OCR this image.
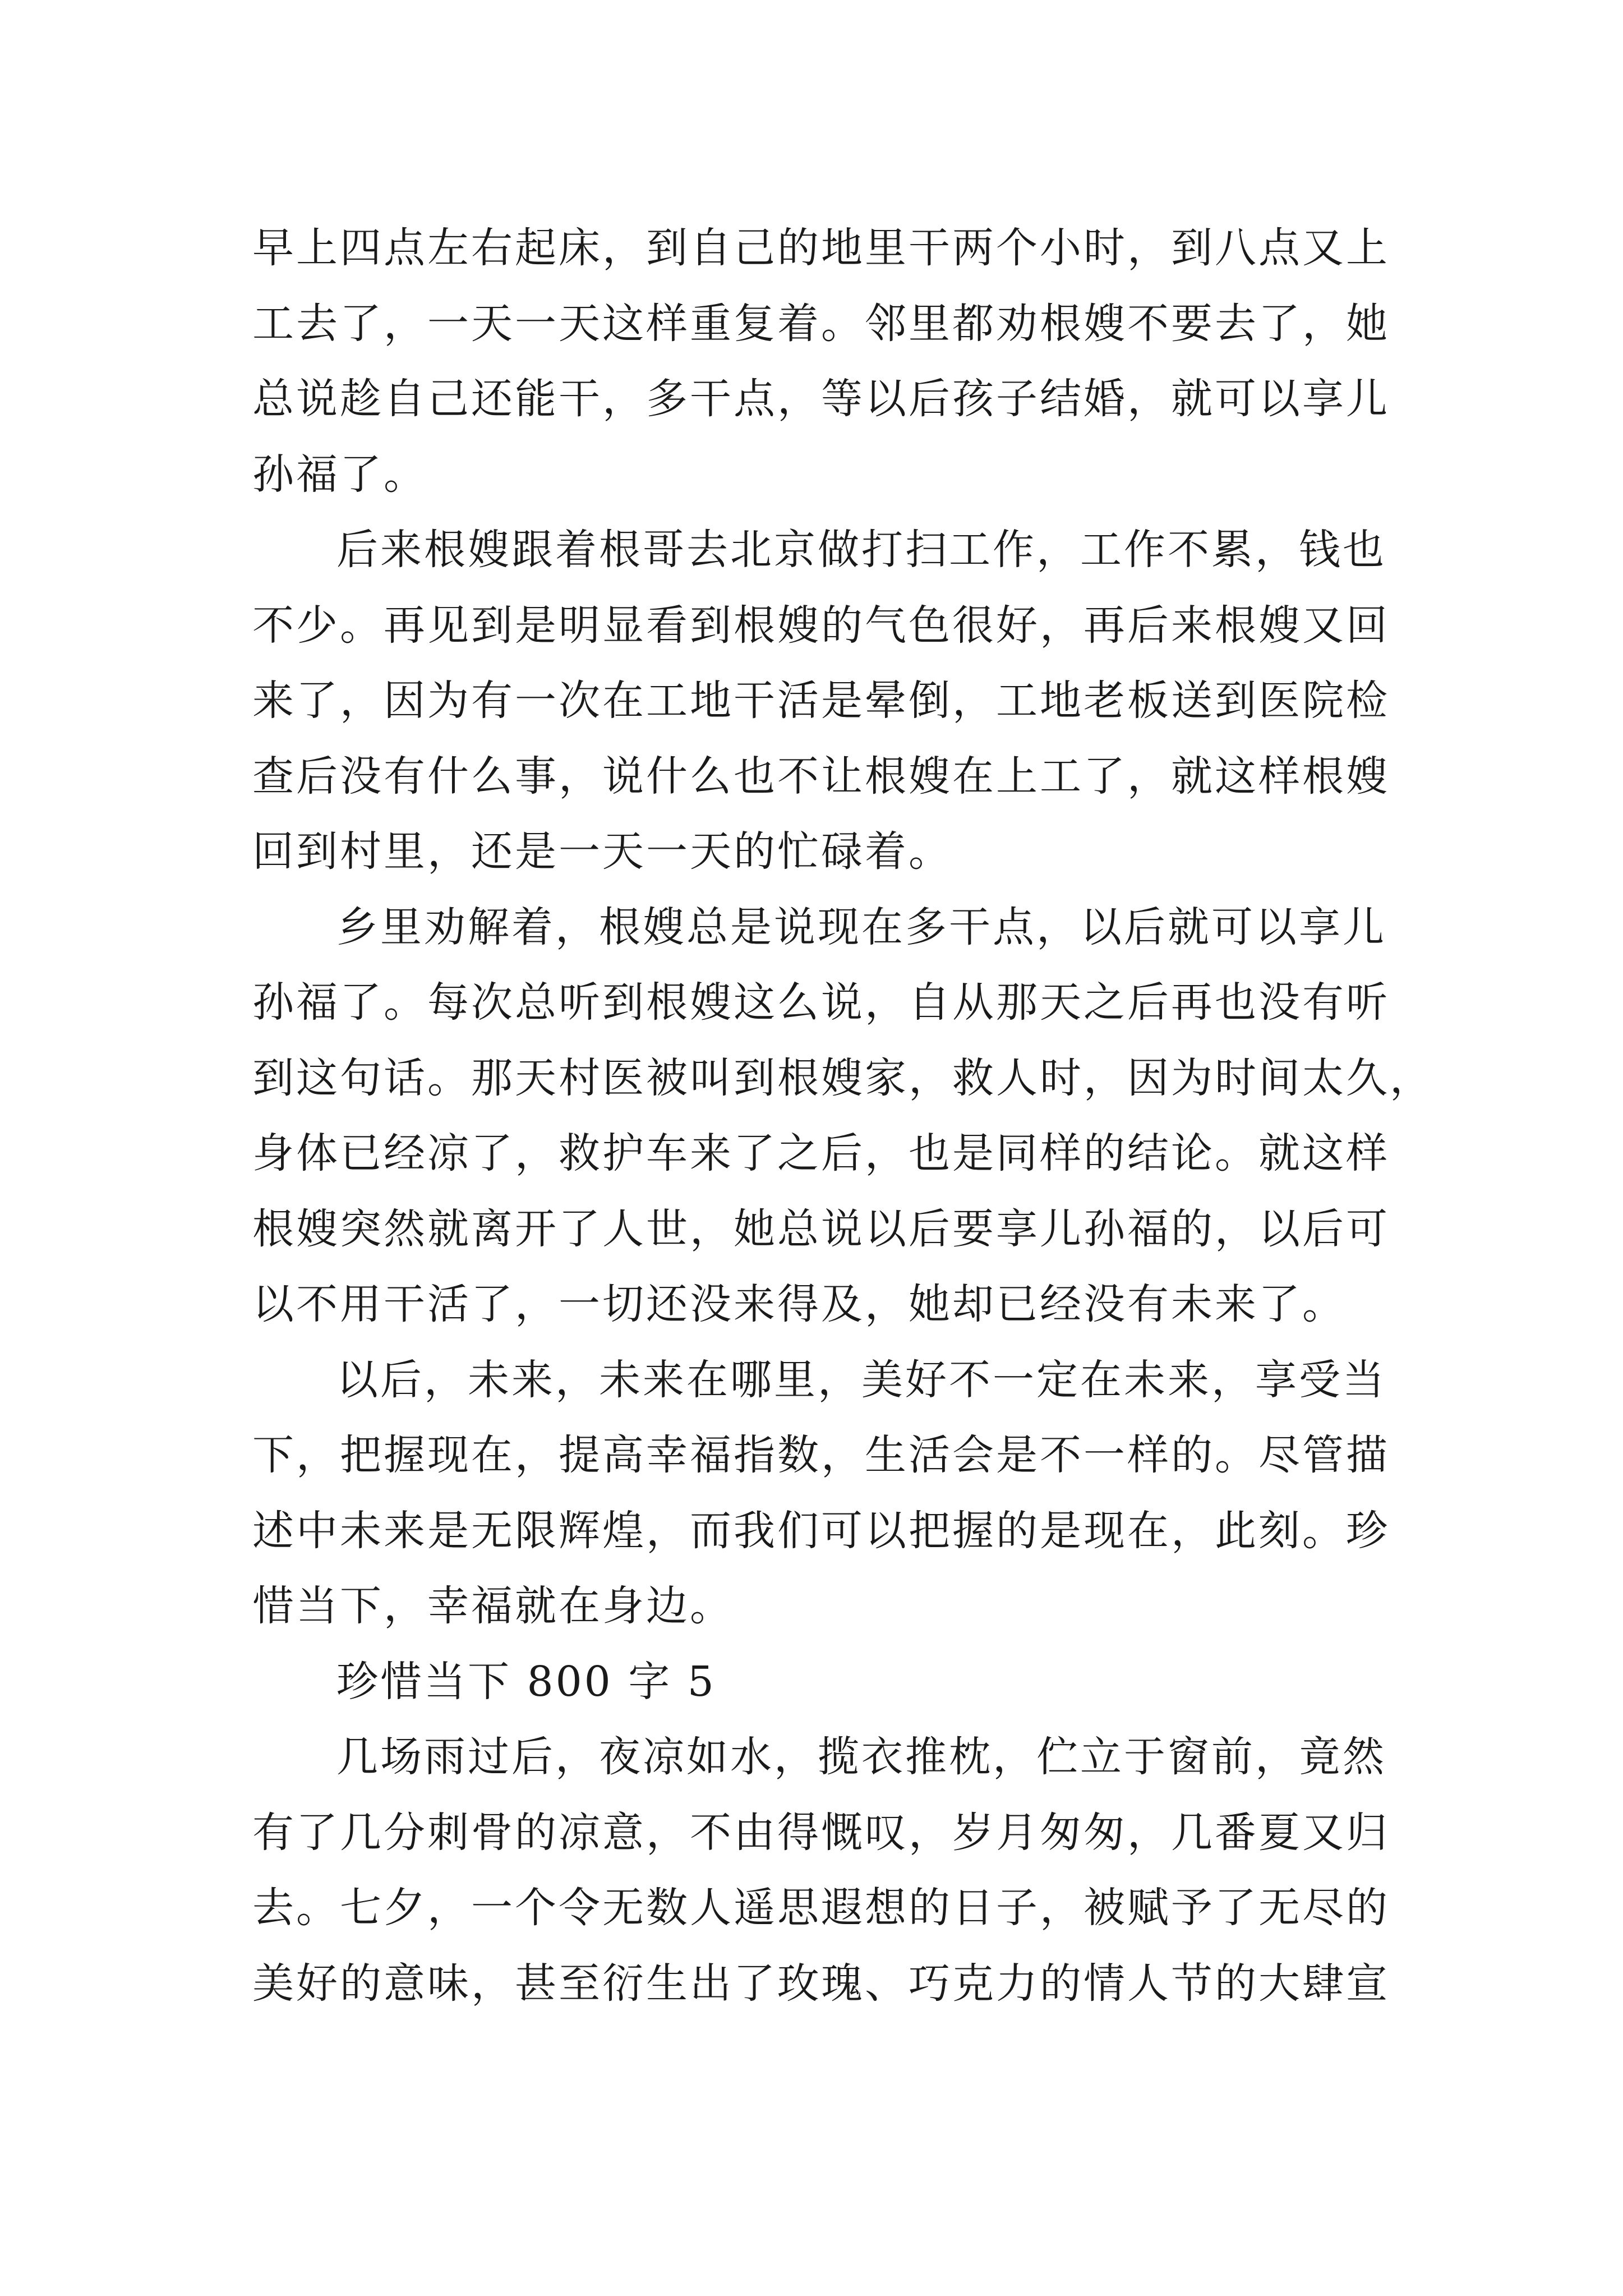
早上四点左右起床，到自己的地里干两个小时，到八点又上
工去了，一天一天这样重复着。邻里都劝根嫂不要去了，她
总说趁自己还能干，多干点，等以后孩子结婚，就可以享儿
孙福了。
后来根嫂跟着根哥去北京做打扫工作，工作不累，钱也
不少。再见到是明显看到根嫂的气色很好，再后来根嫂又回
来了，因为有一次在工地干活是晕倒，工地老板送到医院检
查后没有什么事，说什么也不让根嫂在上工了，就这样根嫂
回到村里，还是一天一天的忙碌着。
乡里劝解着，根嫂总是说现在多干点，以后就可以享儿
孙福了。每次总听到根嫂这么说，自从那天之后再也没有听
到这句话。那天村医被叫到根嫂家，救人时，因为时间太久，
身体已经凉了，救护车来了之后，也是同样的结论。就这样
根嫂突然就离开了人世，她总说以后要享儿孙福的，以后可
以不用干活了，一切还没来得及，她却已经没有未来了。
以后，未来，未来在哪里，美好不一定在未来，享受当
下，把握现在，提高幸福指数，生活会是不一样的。尽管描
述中未来是无限辉煌，而我们可以把握的是现在，此刻。珍
惜当下，幸福就在身边。
珍惜当下 800 字 5
几场雨过后，夜凉如水，揽衣推枕，伫立于窗前，竟然
有了几分刺骨的凉意，不由得慨叹，岁月匆匆，几番夏又归
去。七夕，一个令无数人遥思遐想的日子，被赋予了无尽的
美好的意味，甚至衍生出了玫瑰、巧克力的情人节的大肆宣
